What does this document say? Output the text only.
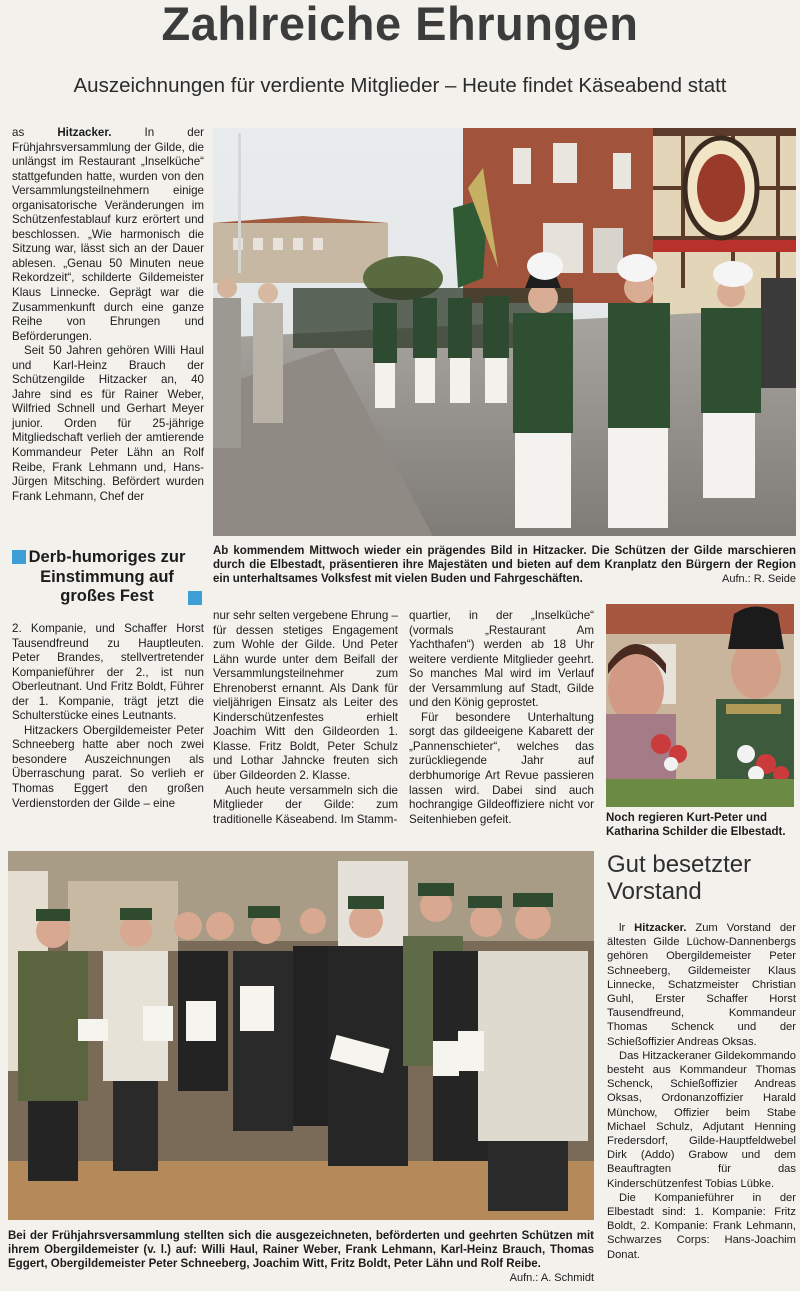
Zahlreiche Ehrungen
Auszeichnungen für verdiente Mitglieder – Heute findet Käseabend statt

as Hitzacker. In der Frühjahrsversammlung der Gilde, die unlängst im Restaurant „Inselküche“ stattgefunden hatte, wurden von den Versammlungsteilnehmern einige organisatorische Veränderungen im Schützenfestablauf kurz erörtert und beschlossen. „Wie harmonisch die Sitzung war, lässt sich an der Dauer ablesen. „Genau 50 Minuten neue Rekordzeit“, schilderte Gildemeister Klaus Linnecke. Geprägt war die Zusammenkunft durch eine ganze Reihe von Ehrungen und Beförderungen.

Seit 50 Jahren gehören Willi Haul und Karl-Heinz Brauch der Schützengilde Hitzacker an, 40 Jahre sind es für Rainer Weber, Wilfried Schnell und Gerhart Meyer junior. Orden für 25-jährige Mitgliedschaft verlieh der amtierende Kommandeur Peter Lähn an Rolf Reibe, Frank Lehmann und, Hans-Jürgen Mitsching. Befördert wurden Frank Lehmann, Chef der

Derb-humoriges zur Einstimmung auf großes Fest

2. Kompanie, und Schaffer Horst Tausendfreund zu Hauptleuten. Peter Brandes, stellvertretender Kompanieführer der 2., ist nun Oberleutnant. Und Fritz Boldt, Führer der 1. Kompanie, trägt jetzt die Schulterstücke eines Leutnants.

Hitzackers Obergildemeister Peter Schneeberg hatte aber noch zwei besondere Auszeichnungen als Überraschung parat. So verlieh er Thomas Eggert den großen Verdienstorden der Gilde – eine

Ab kommendem Mittwoch wieder ein prägendes Bild in Hitzacker. Die Schützen der Gilde marschieren durch die Elbestadt, präsentieren ihre Majestäten und bieten auf dem Kranplatz den Bürgern der Region ein unterhaltsames Volksfest mit vielen Buden und Fahrgeschäften.	Aufn.: R. Seide

nur sehr selten vergebene Ehrung – für dessen stetiges Engagement zum Wohle der Gilde. Und Peter Lähn wurde unter dem Beifall der Versammlungsteilnehmer zum Ehrenoberst ernannt. Als Dank für vieljährigen Einsatz als Leiter des Kinderschützenfestes erhielt Joachim Witt den Gildeorden 1. Klasse. Fritz Boldt, Peter Schulz und Lothar Jahncke freuten sich über Gildeorden 2. Klasse.

Auch heute versammeln sich die Mitglieder der Gilde: zum traditionelle Käseabend. Im Stamm-

quartier, in der „Inselküche“ (vormals „Restaurant Am Yachthafen“) werden ab 18 Uhr weitere verdiente Mitglieder geehrt. So manches Mal wird im Verlauf der Versammlung auf Stadt, Gilde und den König geprostet.

Für besondere Unterhaltung sorgt das gildeeigene Kabarett der „Pannenschieter“, welches das zurückliegende Jahr auf derbhumorige Art Revue passieren lassen wird. Dabei sind auch hochrangige Gildeoffiziere nicht vor Seitenhieben gefeit.	Noch regieren Kurt-Peter und Katharina Schilder die Elbestadt.
Bei der Frühjahrsversammlung stellten sich die ausgezeichneten, beförderten und geehrten Schützen mit ihrem Obergildemeister (v. l.) auf: Willi Haul, Rainer Weber, Frank Lehmann, Karl-Heinz Brauch, Thomas Eggert, Obergildemeister Peter Schneeberg, Joachim Witt, Fritz Boldt, Peter Lähn und Rolf Reibe.
Aufn.: A. Schmidt
Gut besetzter Vorstand

lr Hitzacker. Zum Vorstand der ältesten Gilde Lüchow-Dannenbergs gehören Obergildemeister Peter Schneeberg, Gildemeister Klaus Linnecke, Schatzmeister Christian Guhl, Erster Schaffer Horst Tausendfreund, Kommandeur Thomas Schenck und der Schießoffizier Andreas Oksas.

Das Hitzackeraner Gildekommando besteht aus Kommandeur Thomas Schenck, Schießoffizier Andreas Oksas, Ordonanzoffizier Harald Münchow, Offizier beim Stabe Michael Schulz, Adjutant Henning Fredersdorf, Gilde-Hauptfeldwebel Dirk (Addo) Grabow und dem Beauftragten für das Kinderschützenfest Tobias Lübke.

Die Kompanieführer in der Elbestadt sind: 1. Kompanie: Fritz Boldt, 2. Kompanie: Frank Lehmann, Schwarzes Corps: Hans-Joachim Donat.
